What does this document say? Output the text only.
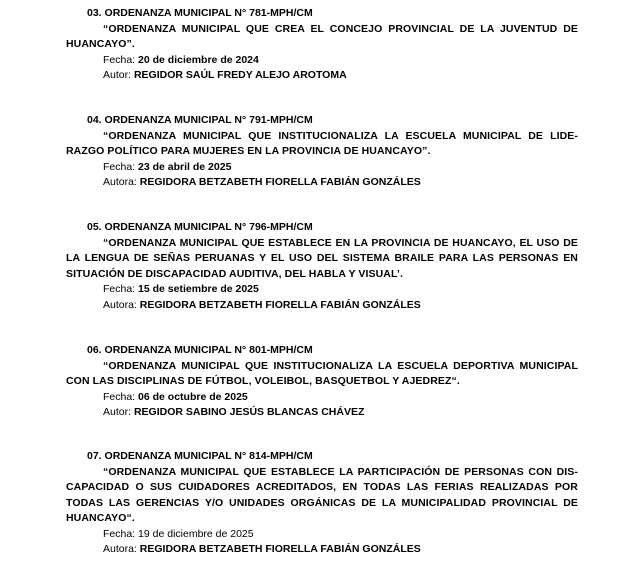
03. ORDENANZA MUNICIPAL N° 781-MPH/CM
“ORDENANZA MUNICIPAL QUE CREA EL CONCEJO PROVINCIAL DE LA JUVENTUD DE HUANCAYO”.
Fecha: 20 de diciembre de 2024
Autor: REGIDOR SAÚL FREDY ALEJO AROTOMA
04. ORDENANZA MUNICIPAL N° 791-MPH/CM
“ORDENANZA MUNICIPAL QUE INSTITUCIONALIZA LA ESCUELA MUNICIPAL DE LIDE- RAZGO POLÍTICO PARA MUJERES EN LA PROVINCIA DE HUANCAYO”.
Fecha: 23 de abril de 2025
Autora: REGIDORA BETZABETH FIORELLA FABIÁN GONZÁLES
05. ORDENANZA MUNICIPAL N° 796-MPH/CM
“ORDENANZA MUNICIPAL QUE ESTABLECE EN LA PROVINCIA DE HUANCAYO, EL USO DE LA LENGUA DE SEÑAS PERUANAS Y EL USO DEL SISTEMA BRAILE PARA LAS PERSONAS EN SITUACIÓN DE DISCAPACIDAD AUDITIVA, DEL HABLA Y VISUAL’.
Fecha: 15 de setiembre de 2025
Autora: REGIDORA BETZABETH FIORELLA FABIÁN GONZÁLES
06. ORDENANZA MUNICIPAL N° 801-MPH/CM
“ORDENANZA MUNICIPAL QUE INSTITUCIONALIZA LA ESCUELA DEPORTIVA MUNICIPAL CON LAS DISCIPLINAS DE FÚTBOL, VOLEIBOL, BASQUETBOL Y AJEDREZ“.
Fecha: 06 de octubre de 2025
Autor: REGIDOR SABINO JESÚS BLANCAS CHÁVEZ
07. ORDENANZA MUNICIPAL N° 814-MPH/CM
“ORDENANZA MUNICIPAL QUE ESTABLECE LA PARTICIPACIÓN DE PERSONAS CON DIS- CAPACIDAD O SUS CUIDADORES ACREDITADOS, EN TODAS LAS FERIAS REALIZADAS POR TODAS LAS GERENCIAS Y/O UNIDADES ORGÁNICAS DE LA MUNICIPALIDAD PROVINCIAL DE HUANCAYO“.
Fecha: 19 de diciembre de 2025
Autora: REGIDORA BETZABETH FIORELLA FABIÁN GONZÁLES
